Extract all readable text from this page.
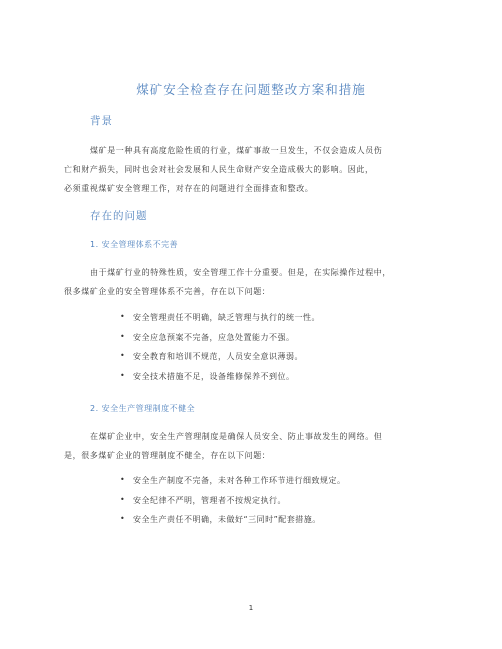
煤矿安全检查存在问题整改方案和措施
背景
煤矿是一种具有高度危险性质的行业，煤矿事故一旦发生，不仅会造成人员伤
亡和财产损失，同时也会对社会发展和人民生命财产安全造成极大的影响。因此，
必须重视煤矿安全管理工作，对存在的问题进行全面排查和整改。
存在的问题
1. 安全管理体系不完善
由于煤矿行业的特殊性质，安全管理工作十分重要。但是，在实际操作过程中，
很多煤矿企业的安全管理体系不完善，存在以下问题：
• 安全管理责任不明确，缺乏管理与执行的统一性。
• 安全应急预案不完备，应急处置能力不强。
• 安全教育和培训不规范，人员安全意识薄弱。
• 安全技术措施不足，设备维修保养不到位。
2. 安全生产管理制度不健全
在煤矿企业中，安全生产管理制度是确保人员安全、防止事故发生的网络。但
是，很多煤矿企业的管理制度不健全，存在以下问题：
• 安全生产制度不完备，未对各种工作环节进行细致规定。
• 安全纪律不严明，管理者不按规定执行。
• 安全生产责任不明确，未做好“三同时”配套措施。
1
